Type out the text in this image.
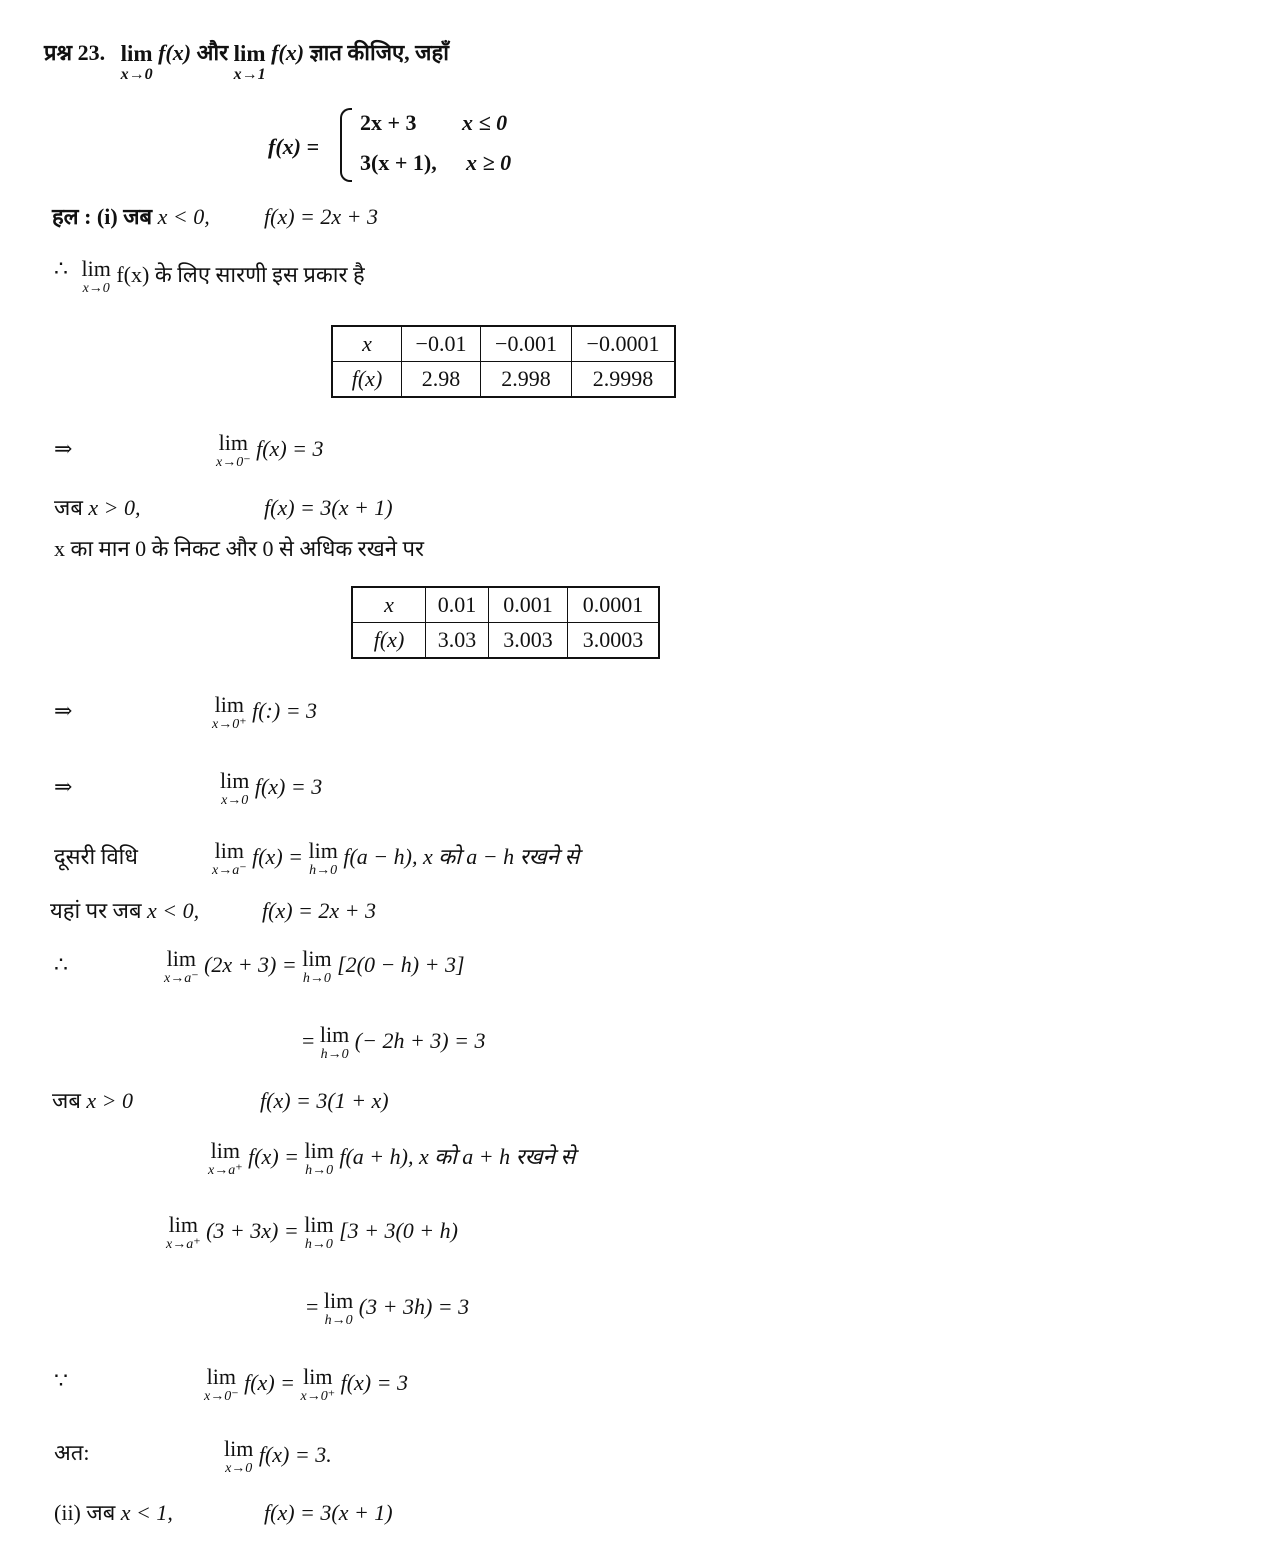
प्रश्न 23. lim
x→0
f(x) और lim
x→1
f(x) ज्ञात कीजिए, जहाँ
f(x) =
2x + 3 x ≤ 0
3(x + 1), x ≥ 0
हल : (i) जब x < 0, f(x) = 2x + 3
∴ lim
x→0
f(x) के लिए सारणी इस प्रकार है
x	−0.01	−0.001	−0.0001
f(x)	2.98	2.998	2.9998
⇒	lim
x→0⁻
f(x) = 3
जब x > 0,	f(x) = 3(x + 1)
x का मान 0 के निकट और 0 से अधिक रखने पर
x	0.01	0.001	0.0001
f(x)	3.03	3.003	3.0003
⇒	lim
x→0⁺
f(:) = 3
⇒	lim
x→0
f(x) = 3
दूसरी विधि	lim
x→a⁻
f(x) = lim
h→0
f(a − h), x को a − h रखने से
यहां पर जब x < 0,	f(x) = 2x + 3
∴	lim
x→a⁻
(2x + 3) = lim
h→0
[2(0 − h) + 3]
= lim
h→0
(− 2h + 3) = 3
जब x > 0	f(x) = 3(1 + x)
lim
x→a⁺
f(x) = lim
h→0
f(a + h), x को a + h रखने से
lim
x→a⁺
(3 + 3x) = lim
h→0
[3 + 3(0 + h)
= lim
h→0
(3 + 3h) = 3
∵	lim
x→0⁻
f(x) = lim
x→0⁺
f(x) = 3
अत:	lim
x→0
f(x) = 3.
(ii) जब x < 1,	f(x) = 3(x + 1)
